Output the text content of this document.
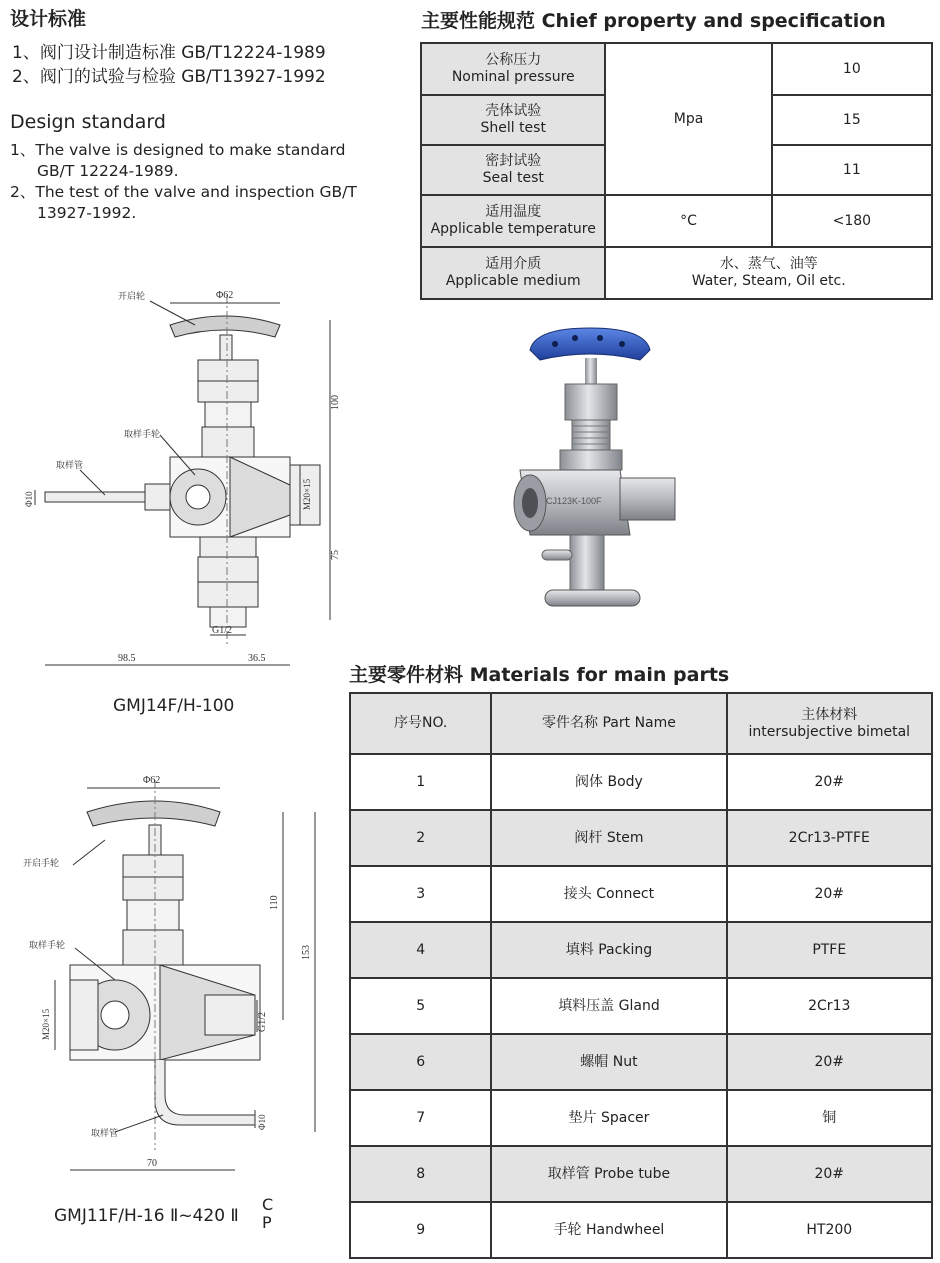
设计标准
1、阀门设计制造标准 GB/T12224-1989
2、阀门的试验与检验 GB/T13927-1992
Design standard
1、The valve is designed to make standard
GB/T 12224-1989.
2、The test of the valve and inspection GB/T
13927-1992.
主要性能规范 Chief property and specification
公称压力
Nominal pressure	Mpa	10
壳体试验
Shell test		15
密封试验
Seal test		11
适用温度
Applicable temperature	°C	<180
适用介质
Applicable medium	水、蒸气、油等
Water, Steam, Oil etc.	
Φ62
100
75
M20×15
Φ10
G1/2
98.5	36.5
开启轮
取样手轮
取样管
GMJ14F/H-100
Φ62
110
153
M20×15	G1/2
Φ10
70
开启手轮
取样手轮
取样管
GMJ11F/H-16 Ⅱ~420 Ⅱ
C
P
CJ123K-100F
主要零件材料 Materials for main parts
序号NO.	零件名称 Part Name	主体材料
intersubjective bimetal
1	阀体 Body	20#
2	阀杆 Stem	2Cr13-PTFE
3	接头 Connect	20#
4	填料 Packing	PTFE
5	填料压盖 Gland	2Cr13
6	螺帽 Nut	20#
7	垫片 Spacer	铜
8	取样管 Probe tube	20#
9	手轮 Handwheel	HT200
